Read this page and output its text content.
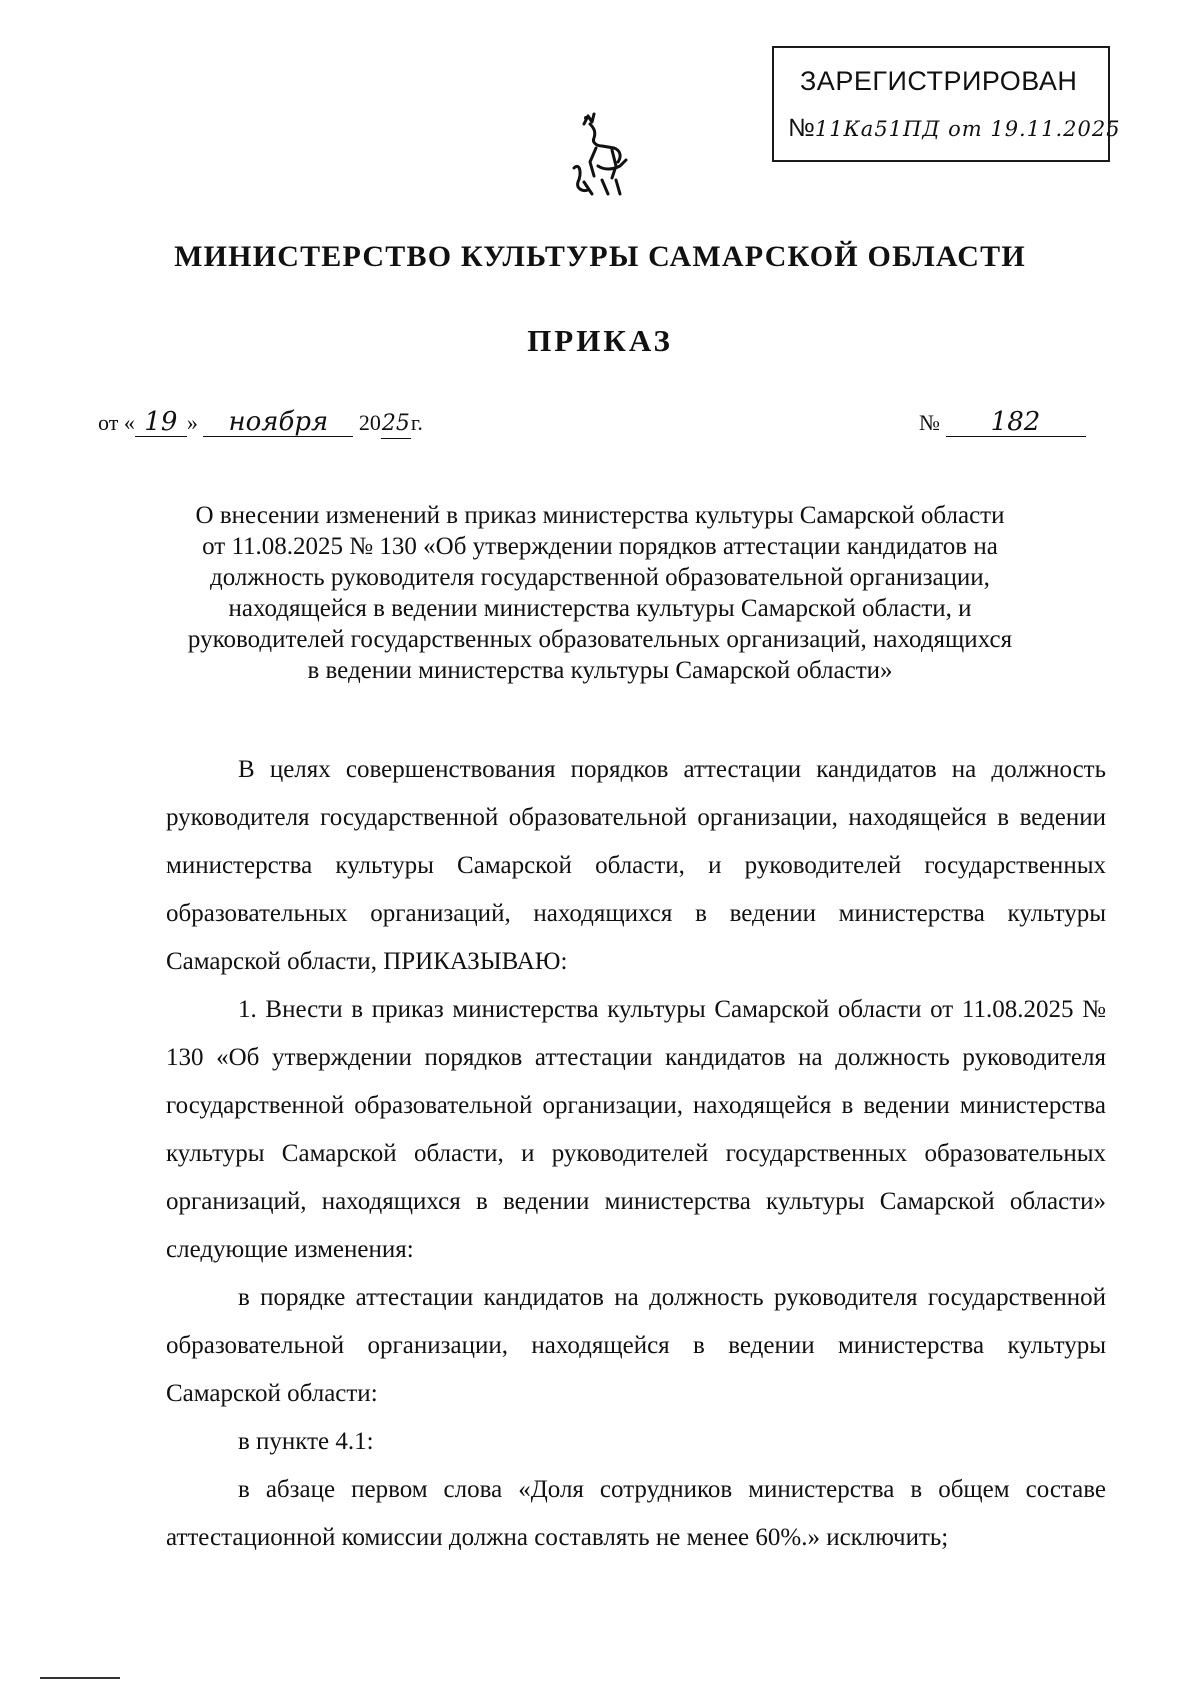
ЗАРЕГИСТРИРОВАН
№11Ка51ПД от 19.11.2025
МИНИСТЕРСТВО КУЛЬТУРЫ САМАРСКОЙ ОБЛАСТИ
ПРИКАЗ
от « 19 » ноября 2025г.	№ 182
О внесении изменений в приказ министерства культуры Самарской области
от 11.08.2025 № 130 «Об утверждении порядков аттестации кандидатов на
должность руководителя государственной образовательной организации,
находящейся в ведении министерства культуры Самарской области, и
руководителей государственных образовательных организаций, находящихся
в ведении министерства культуры Самарской области»

В целях совершенствования порядков аттестации кандидатов на должность руководителя государственной образовательной организации, находящейся в ведении министерства культуры Самарской области, и руководителей государственных образовательных организаций, находящихся в ведении министерства культуры Самарской области, ПРИКАЗЫВАЮ:

1. Внести в приказ министерства культуры Самарской области от 11.08.2025 № 130 «Об утверждении порядков аттестации кандидатов на должность руководителя государственной образовательной организации, находящейся в ведении министерства культуры Самарской области, и руководителей государственных образовательных организаций, находящихся в ведении министерства культуры Самарской области» следующие изменения:

в порядке аттестации кандидатов на должность руководителя государственной образовательной организации, находящейся в ведении министерства культуры Самарской области:

в пункте 4.1:

в абзаце первом слова «Доля сотрудников министерства в общем составе аттестационной комиссии должна составлять не менее 60%.» исключить;
